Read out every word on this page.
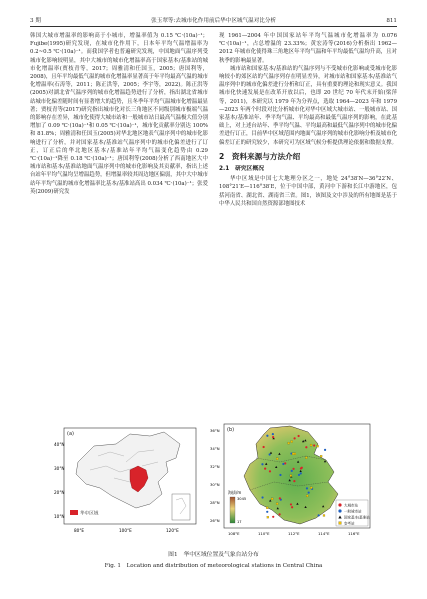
3 期	张玉翠等:去城市化作用前后华中区城气温对比分析	811

韩国大城市增温率的影响高于小城市，增温率值为 0.15 ℃·(10a)⁻¹；Fujibe(1995)研究发现，在城市化作用下，日本年平均气温增温率为 0.2~0.5 ℃·(10a)⁻¹。而我国学者也普遍研究发现，中国地面气温序列受城市化影响较明显，其中大城市的城市化增温率高于国家基本/基准站的城市化增温率(贾枝青等，2017；周雅清和任国玉，2005；唐国利等，2008)，且年平均最低气温的城市化增温率显著高于年平均最高气温的城市化增温率(石涛等，2011；陈正洪等，2005；李宇等，2022)。陈正洪等(2005)对湖北省气温序列的城市化增温趋势进行了分析，指出湖北省城市站城市化偏差随时间有显著增大的趋势，且冬季年平均气温城市化增温最显著；贾枝青等(2017)研究指出城市化对长三角地区不同级别城市极端气温的影响存在差异，城市化使得大城市站和一般城市站日最高气温极大值分别增加了 0.09 ℃·(10a)⁻¹和 0.05 ℃·(10a)⁻¹，城市化贡献率分别达 100%和 81.8%；周雅清和任国玉(2005)对华北地区地表气温序列中的城市化影响进行了分析，并对国家基本/基准站气温序列中的城市化偏差进行了订正，订正后的华北地区基本/基准站年平均气温变化趋势由 0.29 ℃·(10a)⁻¹降至 0.18 ℃·(10a)⁻¹；唐国利等(2008)分析了西南地区大中城市站和基本/基准站地面气温序列中的城市化影响及其贡献率，指出上述台站年平均气温均呈增温趋势，但增温率较其周边地区偏弱，其中大中城市站年平均气温的城市化增温率比基本/基准站高出 0.034 ℃·(10a)⁻¹；张爱英(2009)研究发

现 1961—2004 年中国国家站年平均气温城市化增温率为 0.076 ℃·(10a)⁻¹，占总增温的 23.33%；黄宏涛等(2016)分析指出 1962—2012 年城市化使得珠三角地区年平均气温和年平均最低气温均升高，且对秋季的影响最显著。

城市站和国家基本/基准站的气温序列与不受城市化影响或受城市化影响较小的郊区站的气温序列存在明显差异，对城市站和国家基本/基准站气温序列中的城市化偏差进行分析和订正，具有重要的理论和现实意义。我国城市化快速发展是在改革开放以后，也即 20 世纪 70 年代末开始(梁萍等，2011)，本研究以 1979 年为分界点，选取 1964—2023 年和 1979—2023 年两个时段对比分析城市化对华中区域大城市站、一般城市站、国家基本/基准站年、季平均气温、平均最高和最低气温序列的影响，在此基础上，对上述台站年、季平均气温、平均最高和最低气温序列中的城市化偏差进行订正，目前华中区域范围内地面气温序列的城市化影响分析及城市化偏差订正的研究较少，本研究可为区域气候分析提供理论依据和数据支撑。

2　资料来源与方法介绍
2.1　研究区概况

华中区域是中国七大地理分区之一，地处 24°38′N—36°22′N、108°21′E—116°38′E，位于中国中部，黄河中下游和长江中游地区，包括河南省、湖北省、湖南省三省。图1，该图及文中涉及的所有地图是基于中华人民共和国自然资源部地图技术

(a)
华中区域
80°E	100°E	120°E
40°N
30°N
20°N
10°N
(b)
海拔/m
3045
17
大城市站
一般城市站
国家基本/基准站
参考站
108°E	110°E	112°E	114°E	116°E
36°N
34°N
32°N
30°N
28°N
26°N
图1　华中区域位置及气象台站分布
Fig. 1　Location and distribution of meteorological stations in Central China
